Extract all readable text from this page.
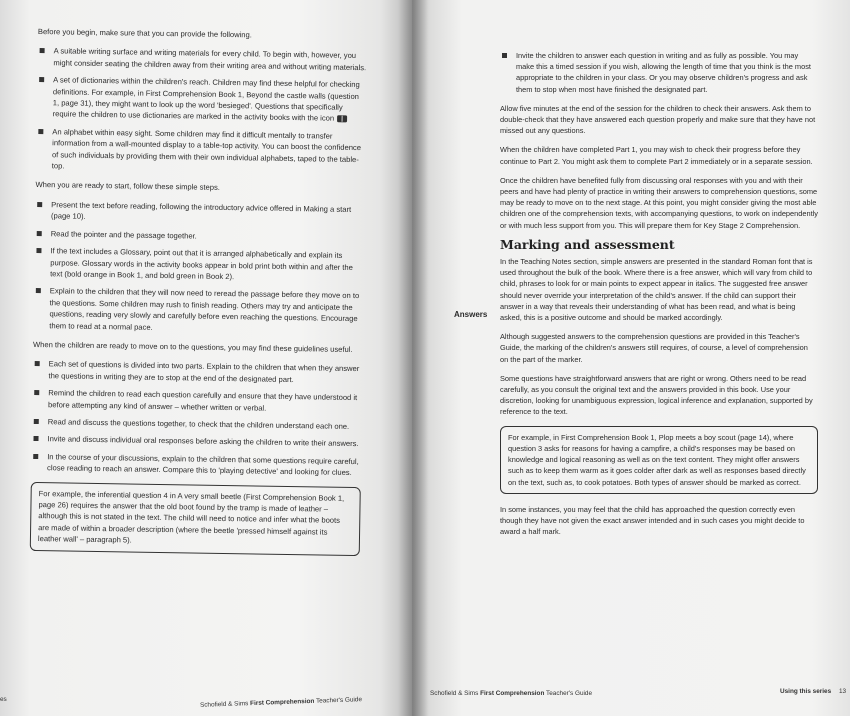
Before you begin, make sure that you can provide the following.

A suitable writing surface and writing materials for every child. To begin with, however, you might consider seating the children away from their writing area and without writing materials.
A set of dictionaries within the children's reach. Children may find these helpful for checking definitions. For example, in First Comprehension Book 1, Beyond the castle walls (question 1, page 31), they might want to look up the word 'besieged'. Questions that specifically require the children to use dictionaries are marked in the activity books with the icon
An alphabet within easy sight. Some children may find it difficult mentally to transfer information from a wall-mounted display to a table-top activity. You can boost the confidence of such individuals by providing them with their own individual alphabets, taped to the table-top.

When you are ready to start, follow these simple steps.

Present the text before reading, following the introductory advice offered in Making a start (page 10).
Read the pointer and the passage together.
If the text includes a Glossary, point out that it is arranged alphabetically and explain its purpose. Glossary words in the activity books appear in bold print both within and after the text (bold orange in Book 1, and bold green in Book 2).
Explain to the children that they will now need to reread the passage before they move on to the questions. Some children may rush to finish reading. Others may try and anticipate the questions, reading very slowly and carefully before even reaching the questions. Encourage them to read at a normal pace.

When the children are ready to move on to the questions, you may find these guidelines useful.

Each set of questions is divided into two parts. Explain to the children that when they answer the questions in writing they are to stop at the end of the designated part.
Remind the children to read each question carefully and ensure that they have understood it before attempting any kind of answer – whether written or verbal.
Read and discuss the questions together, to check that the children understand each one.
Invite and discuss individual oral responses before asking the children to write their answers.
In the course of your discussions, explain to the children that some questions require careful, close reading to reach an answer. Compare this to 'playing detective' and looking for clues.
For example, the inferential question 4 in A very small beetle (First Comprehension Book 1, page 26) requires the answer that the old boot found by the tramp is made of leather – although this is not stated in the text. The child will need to notice and infer what the boots are made of within a broader description (where the beetle 'pressed himself against its leather wall' – paragraph 5).
es
Schofield & Sims First Comprehension Teacher's Guide
Invite the children to answer each question in writing and as fully as possible. You may make this a timed session if you wish, allowing the length of time that you think is the most appropriate to the children in your class. Or you may observe children's progress and ask them to stop when most have finished the designated part.

Allow five minutes at the end of the session for the children to check their answers. Ask them to double-check that they have answered each question properly and make sure that they have not missed out any questions.

When the children have completed Part 1, you may wish to check their progress before they continue to Part 2. You might ask them to complete Part 2 immediately or in a separate session.

Once the children have benefited fully from discussing oral responses with you and with their peers and have had plenty of practice in writing their answers to comprehension questions, some may be ready to move on to the next stage. At this point, you might consider giving the most able children one of the comprehension texts, with accompanying questions, to work on independently or with much less support from you. This will prepare them for Key Stage 2 Comprehension.

Marking and assessment

In the Teaching Notes section, simple answers are presented in the standard Roman font that is used throughout the bulk of the book. Where there is a free answer, which will vary from child to child, phrases to look for or main points to expect appear in italics. The suggested free answer should never override your interpretation of the child's answer. If the child can support their answer in a way that reveals their understanding of what has been read, and what is being asked, this is a positive outcome and should be marked accordingly.

Although suggested answers to the comprehension questions are provided in this Teacher's Guide, the marking of the children's answers still requires, of course, a level of comprehension on the part of the marker.

Some questions have straightforward answers that are right or wrong. Others need to be read carefully, as you consult the original text and the answers provided in this book. Use your discretion, looking for unambiguous expression, logical inference and explanation, supported by reference to the text.

For example, in First Comprehension Book 1, Plop meets a boy scout (page 14), where question 3 asks for reasons for having a campfire, a child's responses may be based on knowledge and logical reasoning as well as on the text content. They might offer answers such as to keep them warm as it goes colder after dark as well as responses based directly on the text, such as, to cook potatoes. Both types of answer should be marked as correct.

In some instances, you may feel that the child has approached the question correctly even though they have not given the exact answer intended and in such cases you might decide to award a half mark.

Answers
Schofield & Sims First Comprehension Teacher's Guide	Using this series 13
